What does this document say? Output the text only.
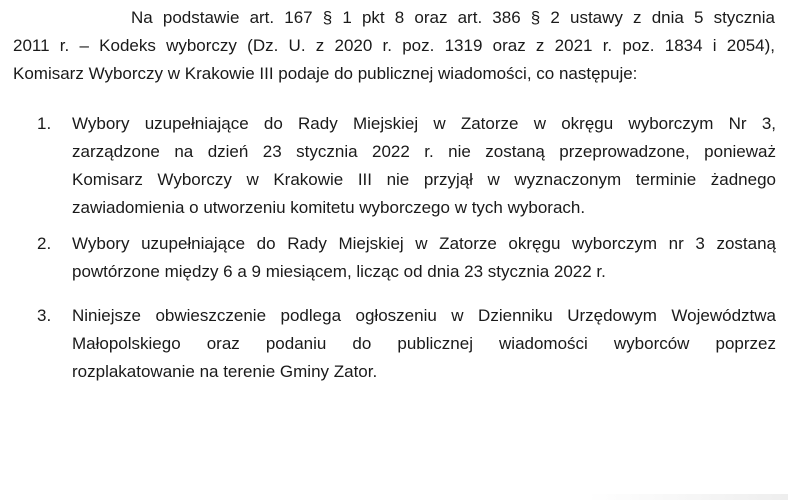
Na podstawie art. 167 § 1 pkt 8 oraz art. 386 § 2 ustawy z dnia 5 stycznia
2011 r. – Kodeks wyborczy (Dz. U. z 2020 r. poz. 1319 oraz z 2021 r. poz. 1834 i 2054),
Komisarz Wyborczy w Krakowie III podaje do publicznej wiadomości, co następuje:
1. Wybory uzupełniające do Rady Miejskiej w Zatorze w okręgu wyborczym Nr 3,
zarządzone na dzień 23 stycznia 2022 r. nie zostaną przeprowadzone, ponieważ
Komisarz Wyborczy w Krakowie III nie przyjął w wyznaczonym terminie żadnego
zawiadomienia o utworzeniu komitetu wyborczego w tych wyborach.
2. Wybory uzupełniające do Rady Miejskiej w Zatorze okręgu wyborczym nr 3 zostaną
powtórzone między 6 a 9 miesiącem, licząc od dnia 23 stycznia 2022 r.
3. Niniejsze obwieszczenie podlega ogłoszeniu w Dzienniku Urzędowym Województwa
Małopolskiego oraz podaniu do publicznej wiadomości wyborców poprzez
rozplakatowanie na terenie Gminy Zator.
